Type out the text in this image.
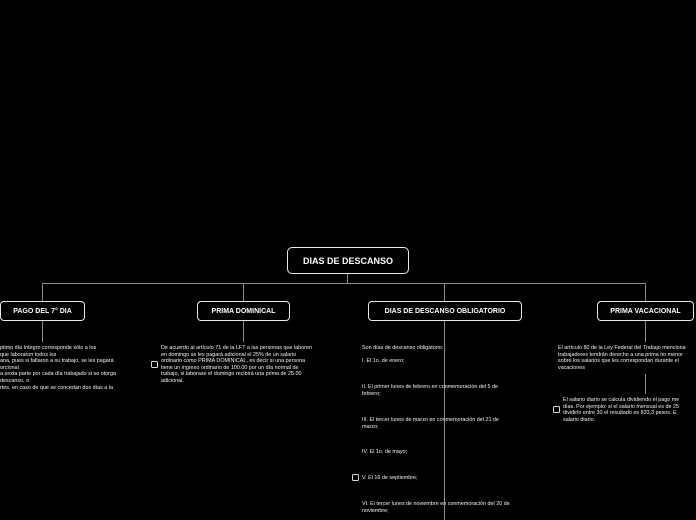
DIAS DE DESCANSO
PAGO DEL 7° DIA	PRIMA DOMINICAL	DIAS DE DESCANSO OBLIGATORIO	PRIMA VACACIONAL
ptimo día íntegro corresponde sólo a los
que laboraron todos los
ana, pues si faltaron a su trabajo, se les pagará
orcional
a sexta parte por cada día trabajado si se otorga
descanso, o
rtes, en caso de que se concedan dos días a la
De acuerdo al artículo 71 de la LFT a las personas que laboren
en domingo se les pagará adicional el 25% de un salario
ordinario como PRIMA DOMINICAL, es decir si una persona
tiene un ingreso ordinario de 100.00 por un día normal de
trabajo, si laborase el domingo recibirá una prima de 25.00
adicional.
Son días de descanso obligatorio:
I. El 1o. de enero;
II. El primer lunes de febrero en conmemoración del 5 de
febrero;
III. El tercer lunes de marzo en conmemoración del 21 de
marzo;
IV. El 1o. de mayo;
V. El 16 de septiembre;
VI. El tercer lunes de noviembre en conmemoración del 20 de
noviembre;
El artículo 80 de la Ley Federal del Trabajo menciona
trabajadores tendrán derecho a una prima no menor
sobre los salarios que les correspondan durante el
vacaciones
El salario diario se calcula dividiendo el pago me
días. Por ejemplo: si el salario mensual es de 25
dividirlo entre 30 el resultado es 833,3 pesos. E
salario diario.
